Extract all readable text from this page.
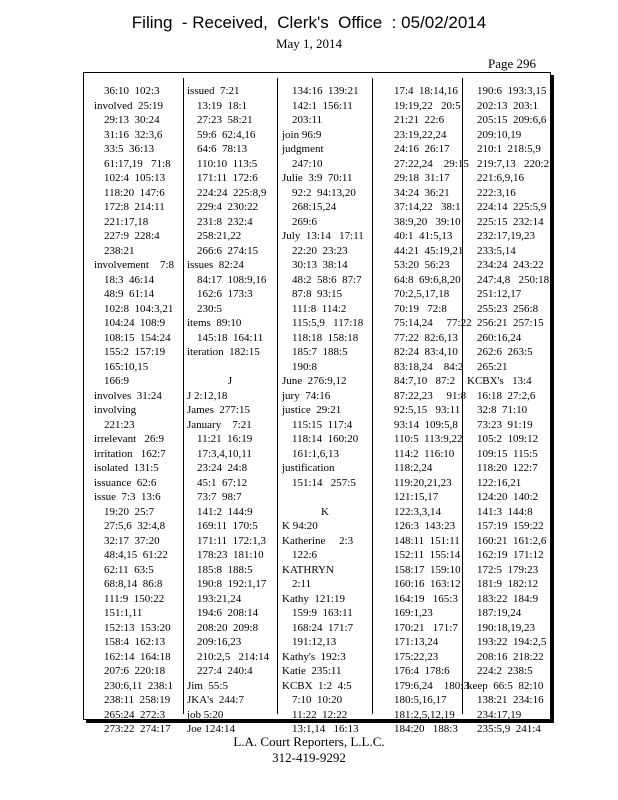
Filing  - Received,  Clerk's  Office  : 05/02/2014
May 1, 2014
Page 296
36:10  102:3
involved  25:19
29:13  30:24
31:16  32:3,6
33:5  36:13
61:17,19   71:8
102:4  105:13
118:20  147:6
172:8  214:11
221:17,18
227:9  228:4
238:21
involvement    7:8
18:3  46:14
48:9  61:14
102:8  104:3,21
104:24  108:9
108:15  154:24
155:2  157:19
165:10,15
166:9
involves  31:24
involving
221:23
irrelevant   26:9
irritation   162:7
isolated  131:5
issuance  62:6
issue  7:3  13:6
19:20  25:7
27:5,6  32:4,8
32:17  37:20
48:4,15  61:22
62:11  63:5
68:8,14  86:8
111:9  150:22
151:1,11
152:13  153:20
158:4  162:13
162:14  164:18
207:6  220:18
230:6,11  238:1
238:11  258:19
265:24  272:3
273:22  274:17
issued  7:21
13:19  18:1
27:23  58:21
59:6  62:4,16
64:6  78:13
110:10  113:5
171:11  172:6
224:24  225:8,9
229:4  230:22
231:8  232:4
258:21,22
266:6  274:15
issues  82:24
84:17  108:9,16
162:6  173:3
230:5
items  89:10
145:18  164:11
iteration  182:15
J
J 2:12,18
James  277:15
January    7:21
11:21  16:19
17:3,4,10,11
23:24  24:8
45:1  67:12
73:7  98:7
141:2  144:9
169:11  170:5
171:11  172:1,3
178:23  181:10
185:8  188:5
190:8  192:1,17
193:21,24
194:6  208:14
208:20  209:8
209:16,23
210:2,5   214:14
227:4  240:4
Jim  55:5
JKA's  244:7
job 5:20
Joe 124:14
134:16  139:21
142:1  156:11
203:11
join 96:9
judgment
247:10
Julie  3:9  70:11
92:2  94:13,20
268:15,24
269:6
July  13:14   17:11
22:20  23:23
30:13  38:14
48:2  58:6  87:7
87:8  93:15
111:8  114:2
115:5,9   117:18
118:18  158:18
185:7  188:5
190:8
June  276:9,12
jury  74:16
justice  29:21
115:15  117:4
118:14  160:20
161:1,6,13
justification
151:14   257:5
K
K 94:20
Katherine     2:3
122:6
KATHRYN
2:11
Kathy  121:19
159:9  163:11
168:24  171:7
191:12,13
Kathy's  192:3
Katie  235:11
KCBX  1:2  4:5
7:10  10:20
11:22  12:22
13:1,14   16:13
17:4  18:14,16
19:19,22   20:5
21:21  22:6
23:19,22,24
24:16  26:17
27:22,24    29:15
29:18  31:17
34:24  36:21
37:14,22   38:1
38:9,20   39:10
40:1  41:5,13
44:21  45:19,21
53:20  56:23
64:8  69:6,8,20
70:2,5,17,18
70:19   72:8
75:14,24     77:22
77:22  82:6,13
82:24  83:4,10
83:18,24    84:2
84:7,10   87:2
87:22,23     91:8
92:5,15   93:11
93:14  109:5,8
110:5  113:9,22
114:2  116:10
118:2,24
119:20,21,23
121:15,17
122:3,3,14
126:3  143:23
148:11  151:11
152:11  155:14
158:17  159:10
160:16  163:12
164:19   165:3
169:1,23
170:21   171:7
171:13,24
175:22,23
176:4  178:6
179:6,24    180:3
180:5,16,17
181:2,5,12,19
184:20   188:3
190:6  193:3,15
202:13  203:1
205:15  209:6,6
209:10,19
210:1  218:5,9
219:7,13   220:2
221:6,9,16
222:3,16
224:14  225:5,9
225:15  232:14
232:17,19,23
233:5,14
234:24  243:22
247:4,8   250:18
251:12,17
255:23  256:8
256:21  257:15
260:16,24
262:6  263:5
265:21
KCBX's   13:4
16:18  27:2,6
32:8  71:10
73:23  91:19
105:2  109:12
109:15  115:5
118:20  122:7
122:16,21
124:20  140:2
141:3  144:8
157:19  159:22
160:21  161:2,6
162:19  171:12
172:5  179:23
181:9  182:12
183:22  184:9
187:19,24
190:18,19,23
193:22  194:2,5
208:16  218:22
224:2  238:5
keep  66:5  82:10
138:21  234:16
234:17,19
235:5,9  241:4
L.A. Court Reporters, L.L.C.
312-419-9292
